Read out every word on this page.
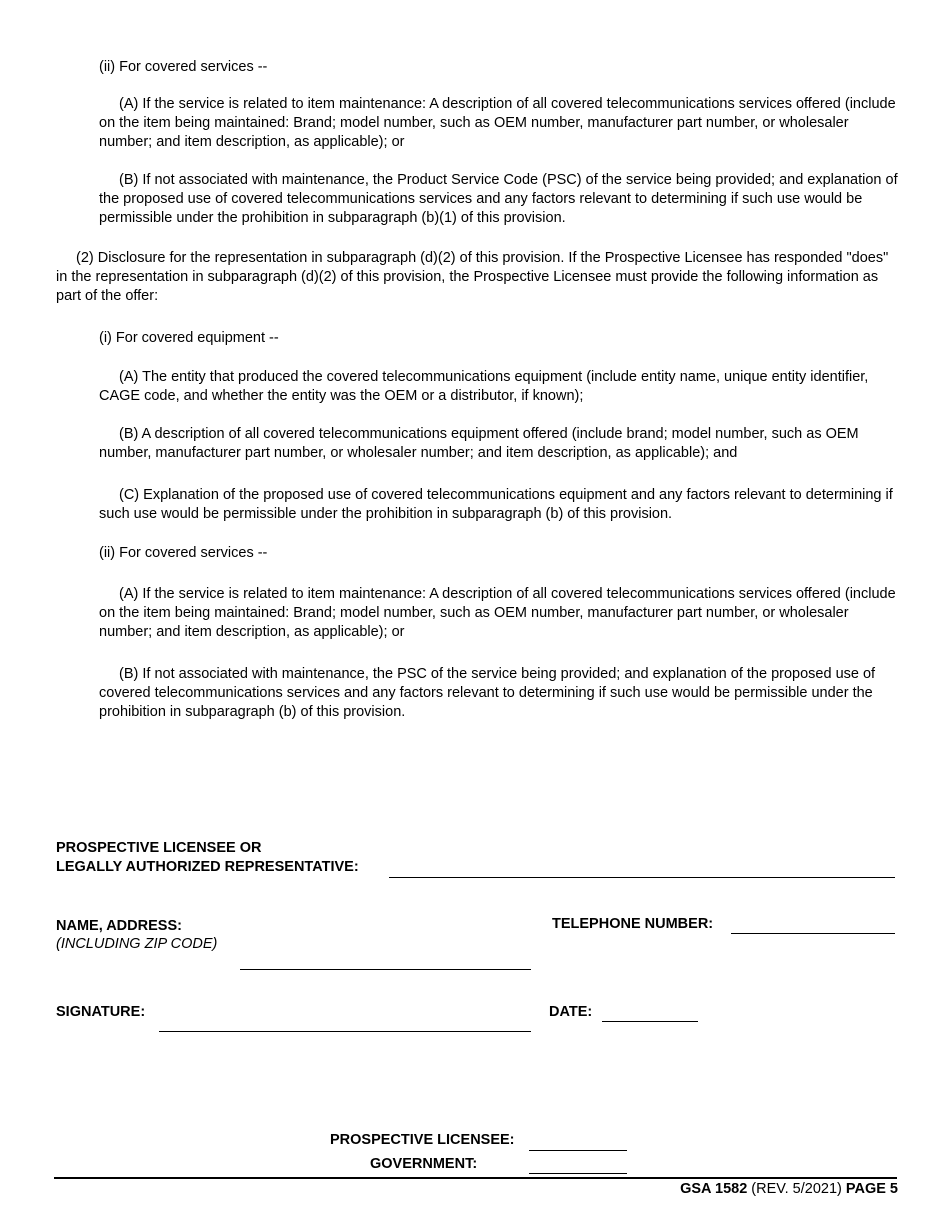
(ii) For covered services --

(A) If the service is related to item maintenance: A description of all covered telecommunications services offered (include on the item being maintained: Brand; model number, such as OEM number, manufacturer part number, or wholesaler number; and item description, as applicable); or

(B) If not associated with maintenance, the Product Service Code (PSC) of the service being provided; and explanation of the proposed use of covered telecommunications services and any factors relevant to determining if such use would be permissible under the prohibition in subparagraph (b)(1) of this provision.

(2) Disclosure for the representation in subparagraph (d)(2) of this provision. If the Prospective Licensee has responded "does" in the representation in subparagraph (d)(2) of this provision, the Prospective Licensee must provide the following information as part of the offer:

(i) For covered equipment --

(A) The entity that produced the covered telecommunications equipment (include entity name, unique entity identifier, CAGE code, and whether the entity was the OEM or a distributor, if known);

(B) A description of all covered telecommunications equipment offered (include brand; model number, such as OEM number, manufacturer part number, or wholesaler number; and item description, as applicable); and

(C) Explanation of the proposed use of covered telecommunications equipment and any factors relevant to determining if such use would be permissible under the prohibition in subparagraph (b) of this provision.

(ii) For covered services --

(A) If the service is related to item maintenance: A description of all covered telecommunications services offered (include on the item being maintained: Brand; model number, such as OEM number, manufacturer part number, or wholesaler number; and item description, as applicable); or

(B) If not associated with maintenance, the PSC of the service being provided; and explanation of the proposed use of covered telecommunications services and any factors relevant to determining if such use would be permissible under the prohibition in subparagraph (b) of this provision.

PROSPECTIVE LICENSEE OR
LEGALLY AUTHORIZED REPRESENTATIVE:
NAME, ADDRESS:
(INCLUDING ZIP CODE)
TELEPHONE NUMBER:
SIGNATURE:	DATE:
PROSPECTIVE LICENSEE:
GOVERNMENT:
GSA 1582 (REV. 5/2021) PAGE 5
